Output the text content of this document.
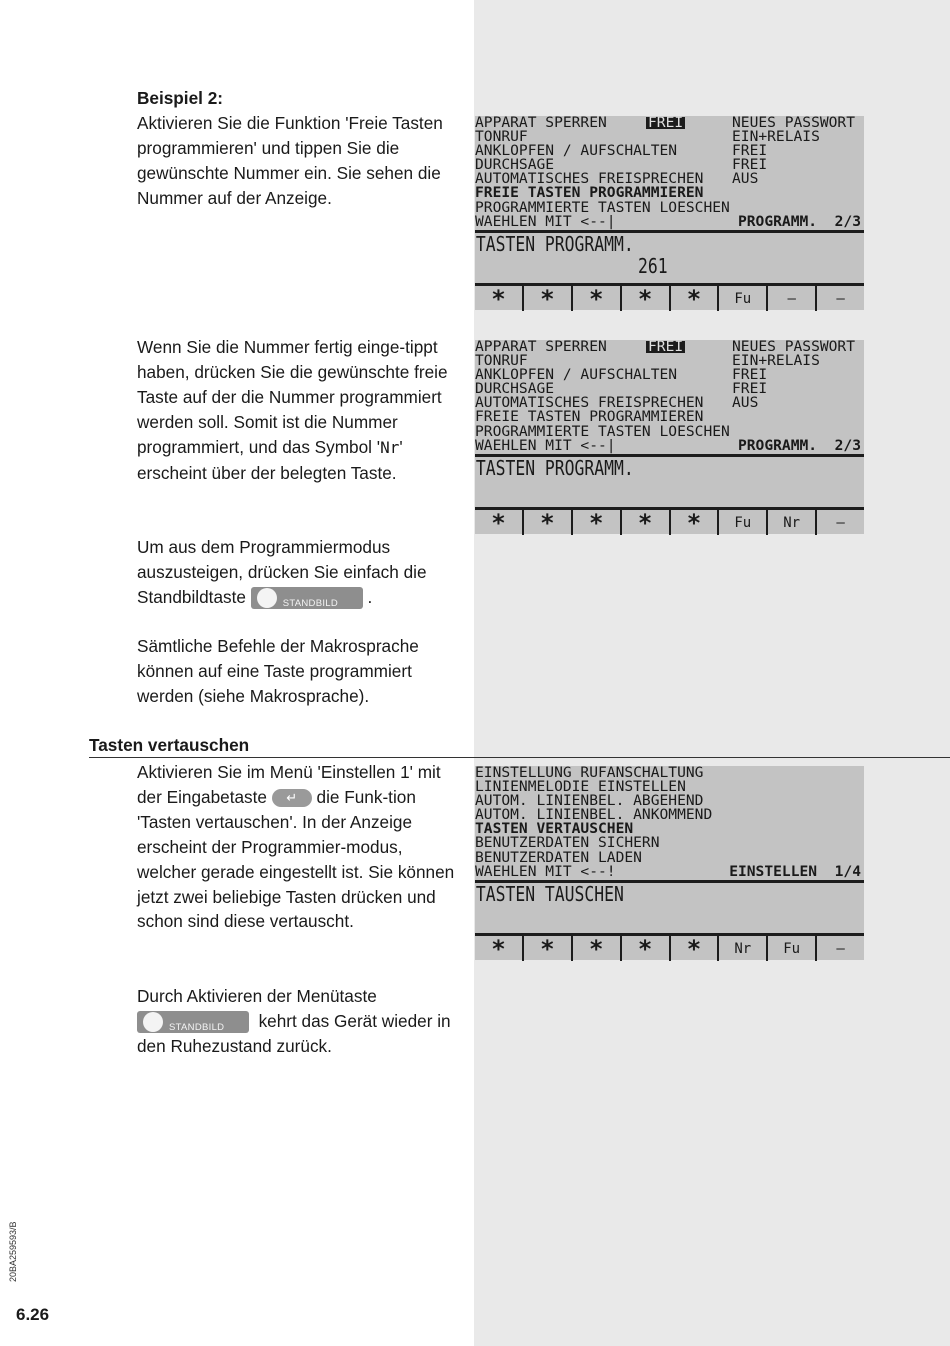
Beispiel 2:

Aktivieren Sie die Funktion 'Freie Tasten programmieren' und tippen Sie die gewünschte Nummer ein. Sie sehen die Nummer auf der Anzeige.

Wenn Sie die Nummer fertig einge-tippt haben, drücken Sie die gewünschte freie Taste auf der die Nummer programmiert werden soll. Somit ist die Nummer programmiert, und das Symbol 'Nr' erscheint über der belegten Taste.

Um aus dem Programmiermodus auszusteigen, drücken Sie einfach die Standbildtaste	STANDBILD .

Sämtliche Befehle der Makrosprache können auf eine Taste programmiert werden (siehe Makrosprache).

Tasten vertauschen

Aktivieren Sie im Menü 'Einstellen 1' mit der Eingabetaste ↵ die Funk-tion 'Tasten vertauschen'. In der Anzeige erscheint der Programmier-modus, welcher gerade eingestellt ist. Sie können jetzt zwei beliebige Tasten drücken und schon sind diese vertauscht.

Durch Aktivieren der Menütaste

STANDBILD kehrt das Gerät wieder in den Ruhezustand zurück.

APPARAT SPERREN	FREI	NEUES PASSWORT
TONRUF	EIN+RELAIS
ANKLOPFEN / AUFSCHALTEN	FREI
DURCHSAGE	FREI
AUTOMATISCHES FREISPRECHEN AUS
FREIE TASTEN PROGRAMMIEREN
PROGRAMMIERTE TASTEN LOESCHEN
WAEHLEN MIT <--|	PROGRAMM.  2/3
TASTEN PROGRAMM.
261
*	*	*	*	*	Fu	—	—
APPARAT SPERREN	FREI	NEUES PASSWORT
TONRUF	EIN+RELAIS
ANKLOPFEN / AUFSCHALTEN	FREI
DURCHSAGE	FREI
AUTOMATISCHES FREISPRECHEN AUS
FREIE TASTEN PROGRAMMIEREN
PROGRAMMIERTE TASTEN LOESCHEN
WAEHLEN MIT <--|	PROGRAMM.  2/3
TASTEN PROGRAMM.
*	*	*	*	*	Fu	Nr	—
EINSTELLUNG RUFANSCHALTUNG
LINIENMELODIE EINSTELLEN
AUTOM. LINIENBEL. ABGEHEND
AUTOM. LINIENBEL. ANKOMMEND
TASTEN VERTAUSCHEN
BENUTZERDATEN SICHERN
BENUTZERDATEN LADEN
WAEHLEN MIT <--!	EINSTELLEN  1/4
TASTEN TAUSCHEN
*	*	*	*	*	Nr	Fu	—
20BA259593/B
6.26
